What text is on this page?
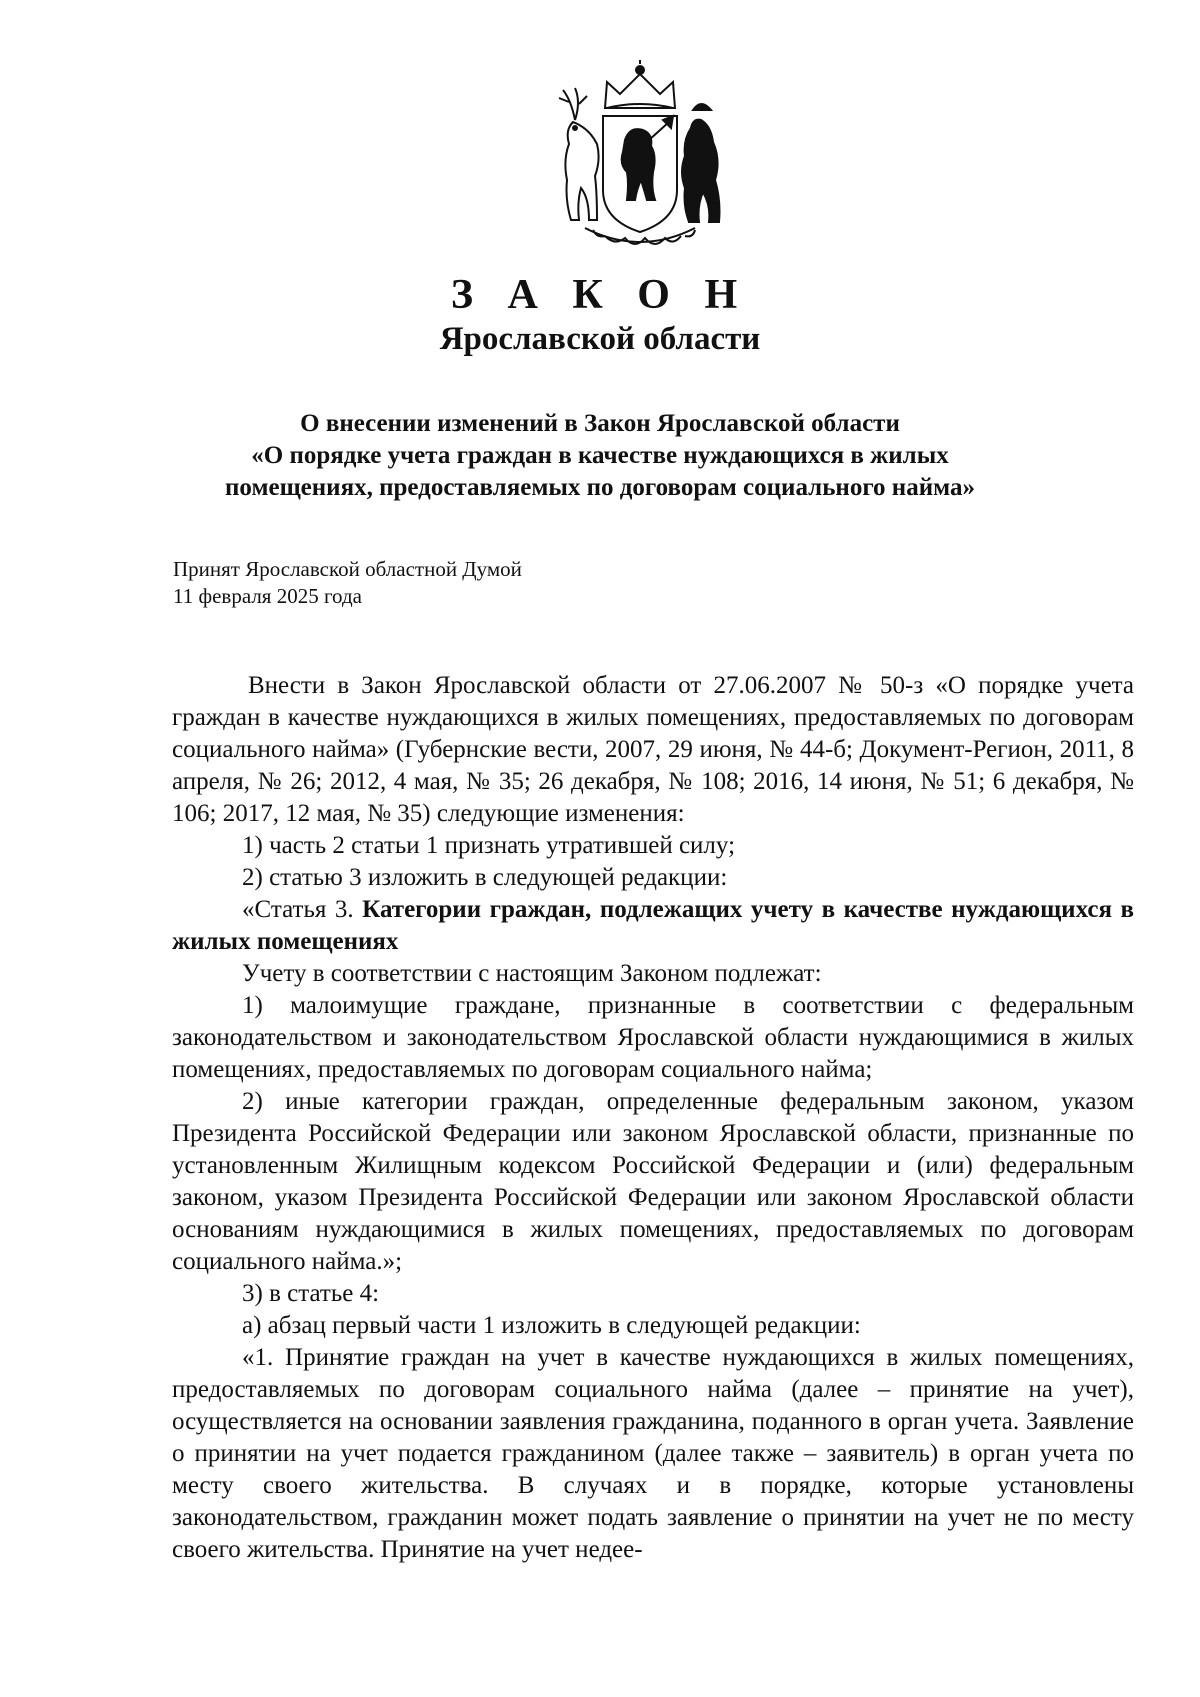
З А К О Н
Ярославской области
О внесении изменений в Закон Ярославской области
«О порядке учета граждан в качестве нуждающихся в жилых
помещениях, предоставляемых по договорам социального найма»
Принят Ярославской областной Думой
11 февраля 2025 года

Внести в Закон Ярославской области от 27.06.2007 № 50-з «О порядке учета граждан в качестве нуждающихся в жилых помещениях, предоставляемых по договорам социального найма» (Губернские вести, 2007, 29 июня, № 44-б; Документ-Регион, 2011, 8 апреля, № 26; 2012, 4 мая, № 35; 26 декабря, № 108; 2016, 14 июня, № 51; 6 декабря, № 106; 2017, 12 мая, № 35) следующие изменения:

1) часть 2 статьи 1 признать утратившей силу;

2) статью 3 изложить в следующей редакции:

«Статья 3. Категории граждан, подлежащих учету в качестве нуждающихся в жилых помещениях

Учету в соответствии с настоящим Законом подлежат:

1) малоимущие граждане, признанные в соответствии с федеральным законодательством и законодательством Ярославской области нуждающимися в жилых помещениях, предоставляемых по договорам социального найма;

2) иные категории граждан, определенные федеральным законом, указом Президента Российской Федерации или законом Ярославской области, признанные по установленным Жилищным кодексом Российской Федерации и (или) федеральным законом, указом Президента Российской Федерации или законом Ярославской области основаниям нуждающимися в жилых помещениях, предоставляемых по договорам социального найма.»;

3) в статье 4:

а) абзац первый части 1 изложить в следующей редакции:

«1. Принятие граждан на учет в качестве нуждающихся в жилых помещениях, предоставляемых по договорам социального найма (далее – принятие на учет), осуществляется на основании заявления гражданина, поданного в орган учета. Заявление о принятии на учет подается гражданином (далее также – заявитель) в орган учета по месту своего жительства. В случаях и в порядке, которые установлены законодательством, гражданин может подать заявление о принятии на учет не по месту своего жительства. Принятие на учет недее-
